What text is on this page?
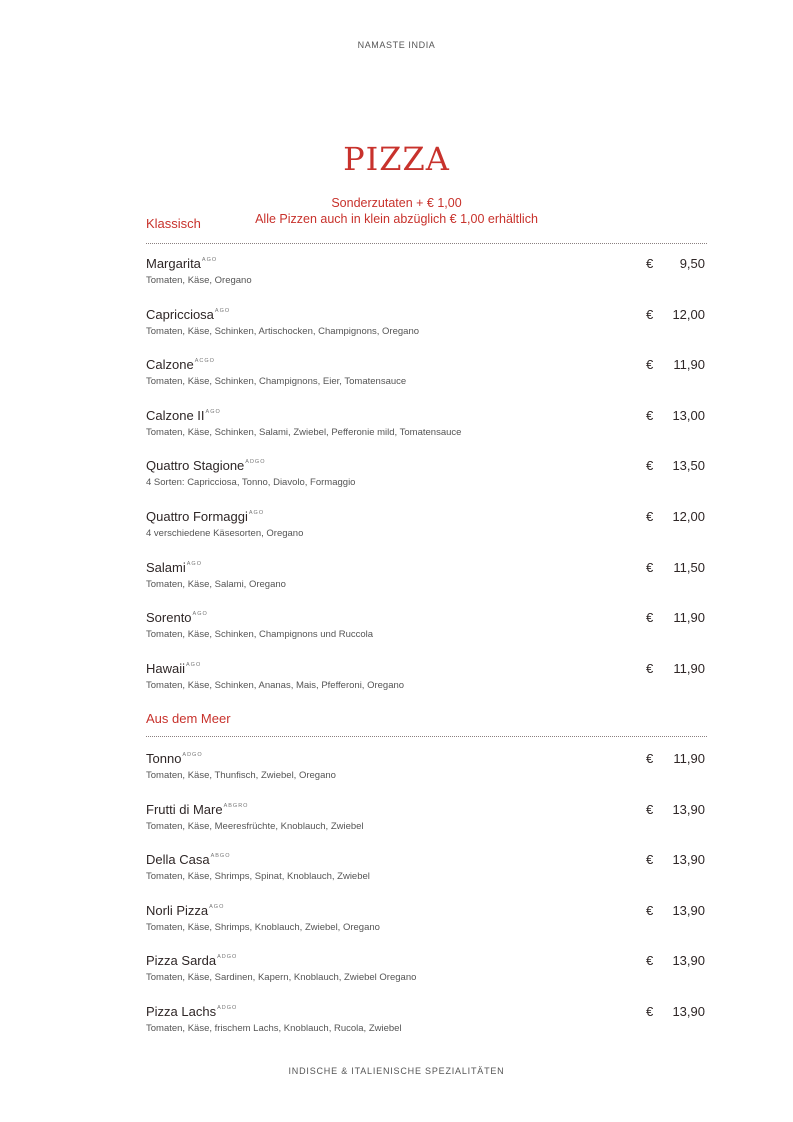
NAMASTE INDIA
PIZZA
Sonderzutaten + € 1,00
Alle Pizzen auch in klein abzüglich € 1,00 erhältlich
Klassisch
Margarita$^{AGO}$
Tomaten, Käse, Oregano
€ 9,50
Capricciosa$^{AGO}$
Tomaten, Käse, Schinken, Artischocken, Champignons, Oregano
€ 12,00
Calzone$^{ACGO}$
Tomaten, Käse, Schinken, Champignons, Eier, Tomatensauce
€ 11,90
Calzone $II^{AGO}$
Tomaten, Käse, Schinken, Salami, Zwiebel, Pefferonie mild, Tomatensauce
€ 13,00
Quattro Stagione$^{ADGO}$
4 Sorten: Capricciosa, Tonno, Diavolo, Formaggio
€ 13,50
Quattro Formaggi$^{AGO}$
4 verschiedene Käsesorten, Oregano
€ 12,00
Salami$^{AGO}$
Tomaten, Käse, Salami, Oregano
€ 11,50
Sorento$^{AGO}$
Tomaten, Käse, Schinken, Champignons und Ruccola
€ 11,90
Hawaii$^{AGO}$
Tomaten, Käse, Schinken, Ananas, Mais, Pfefferoni, Oregano
€ 11,90
Aus dem Meer
Tonno$^{ADGO}$
Tomaten, Käse, Thunfisch, Zwiebel, Oregano
€ 11,90
Frutti di Mare$^{ABGRO}$
Tomaten, Käse, Meeresfrüchte, Knoblauch, Zwiebel
€ 13,90
Della Casa$^{ABGO}$
Tomaten, Käse, Shrimps, Spinat, Knoblauch, Zwiebel
€ 13,90
Norli Pizza$^{AGO}$
Tomaten, Käse, Shrimps, Knoblauch, Zwiebel, Oregano
€ 13,90
Pizza Sarda$^{ADGO}$
Tomaten, Käse, Sardinen, Kapern, Knoblauch, Zwiebel Oregano
€ 13,90
Pizza Lachs$^{ADGO}$
Tomaten, Käse, frischem Lachs, Knoblauch, Rucola, Zwiebel
€ 13,90
INDISCHE & ITALIENISCHE SPEZIALITÄTEN
